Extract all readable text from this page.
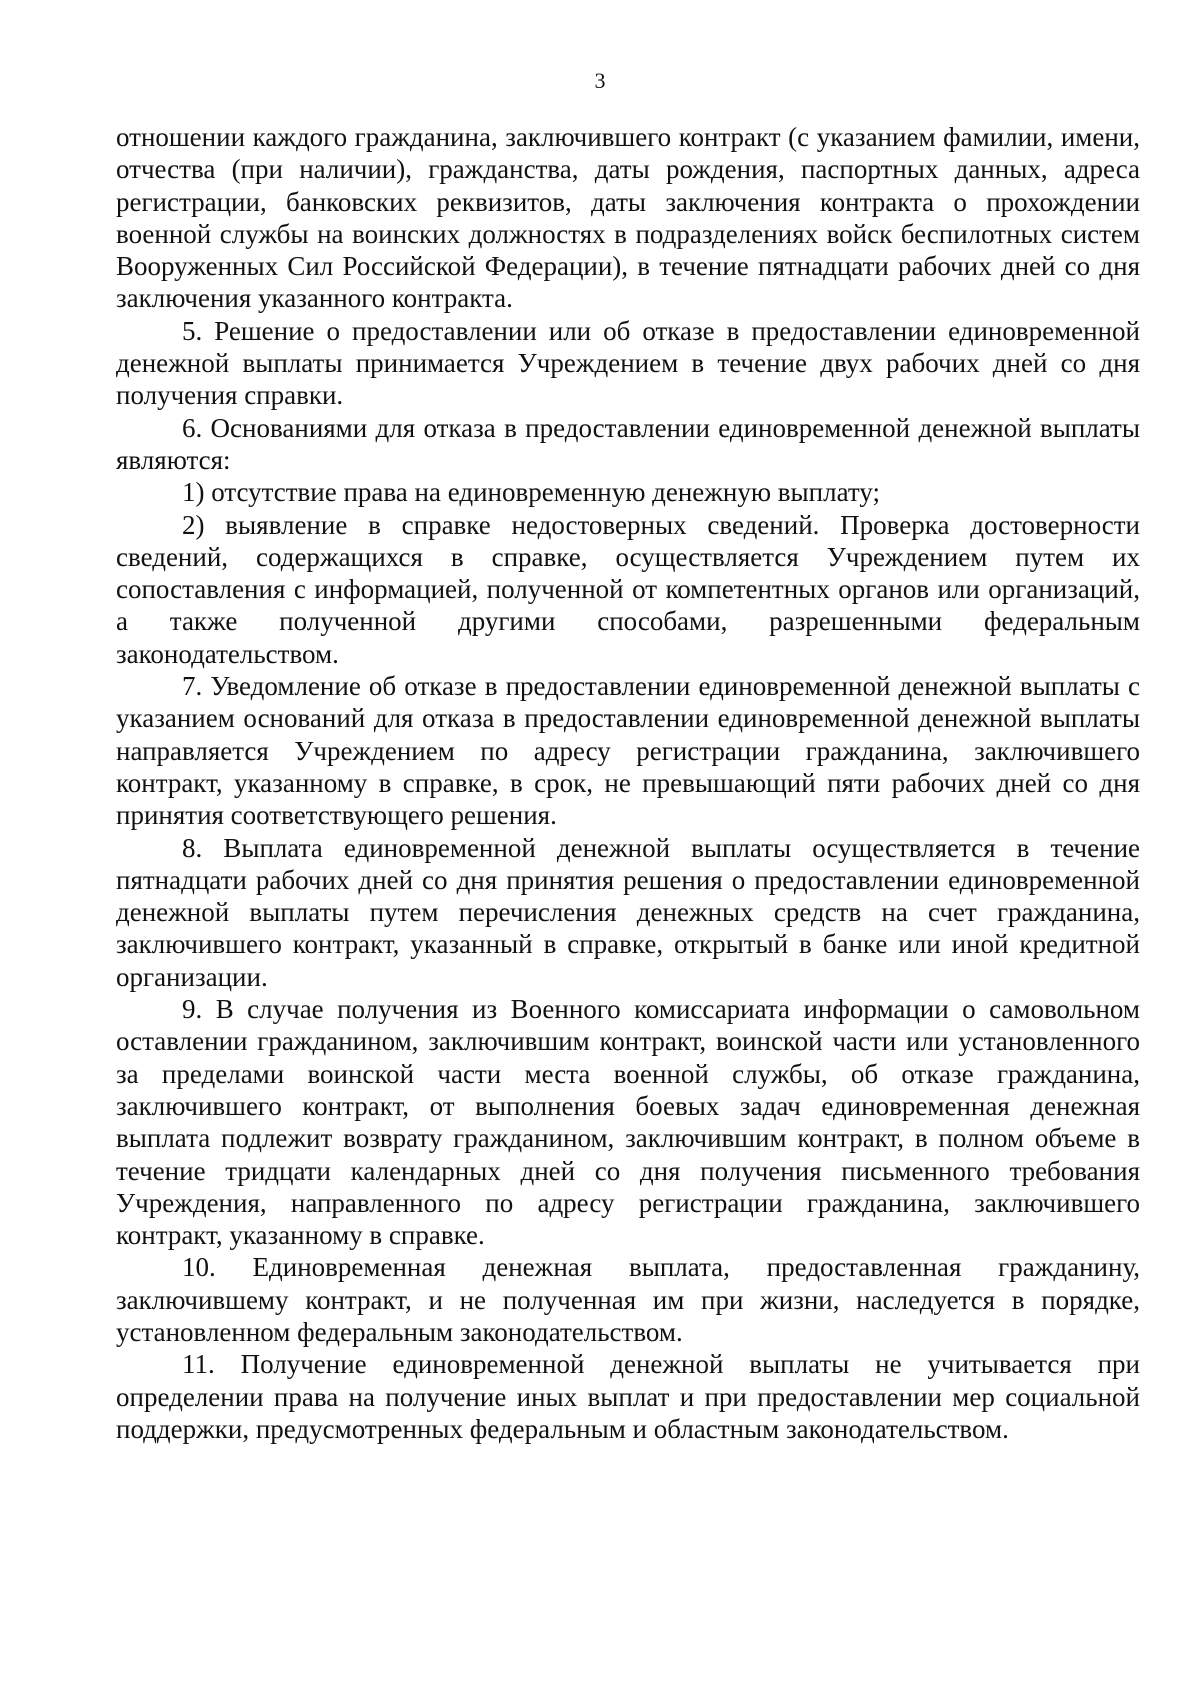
3

отношении каждого гражданина, заключившего контракт (с указанием фамилии, имени, отчества (при наличии), гражданства, даты рождения, паспортных данных, адреса регистрации, банковских реквизитов, даты заключения контракта о прохождении военной службы на воинских должностях в подразделениях войск беспилотных систем Вооруженных Сил Российской Федерации), в течение пятнадцати рабочих дней со дня заключения указанного контракта.

5. Решение о предоставлении или об отказе в предоставлении единовременной денежной выплаты принимается Учреждением в течение двух рабочих дней со дня получения справки.

6. Основаниями для отказа в предоставлении единовременной денежной выплаты являются:

1) отсутствие права на единовременную денежную выплату;

2) выявление в справке недостоверных сведений. Проверка достоверности сведений, содержащихся в справке, осуществляется Учреждением путем их сопоставления с информацией, полученной от компетентных органов или организаций, а также полученной другими способами, разрешенными федеральным законодательством.

7. Уведомление об отказе в предоставлении единовременной денежной выплаты с указанием оснований для отказа в предоставлении единовременной денежной выплаты направляется Учреждением по адресу регистрации гражданина, заключившего контракт, указанному в справке, в срок, не превышающий пяти рабочих дней со дня принятия соответствующего решения.

8. Выплата единовременной денежной выплаты осуществляется в течение пятнадцати рабочих дней со дня принятия решения о предоставлении единовременной денежной выплаты путем перечисления денежных средств на счет гражданина, заключившего контракт, указанный в справке, открытый в банке или иной кредитной организации.

9. В случае получения из Военного комиссариата информации о самовольном оставлении гражданином, заключившим контракт, воинской части или установленного за пределами воинской части места военной службы, об отказе гражданина, заключившего контракт, от выполнения боевых задач единовременная денежная выплата подлежит возврату гражданином, заключившим контракт, в полном объеме в течение тридцати календарных дней со дня получения письменного требования Учреждения, направленного по адресу регистрации гражданина, заключившего контракт, указанному в справке.

10. Единовременная денежная выплата, предоставленная гражданину, заключившему контракт, и не полученная им при жизни, наследуется в порядке, установленном федеральным законодательством.

11. Получение единовременной денежной выплаты не учитывается при определении права на получение иных выплат и при предоставлении мер социальной поддержки, предусмотренных федеральным и областным законодательством.
